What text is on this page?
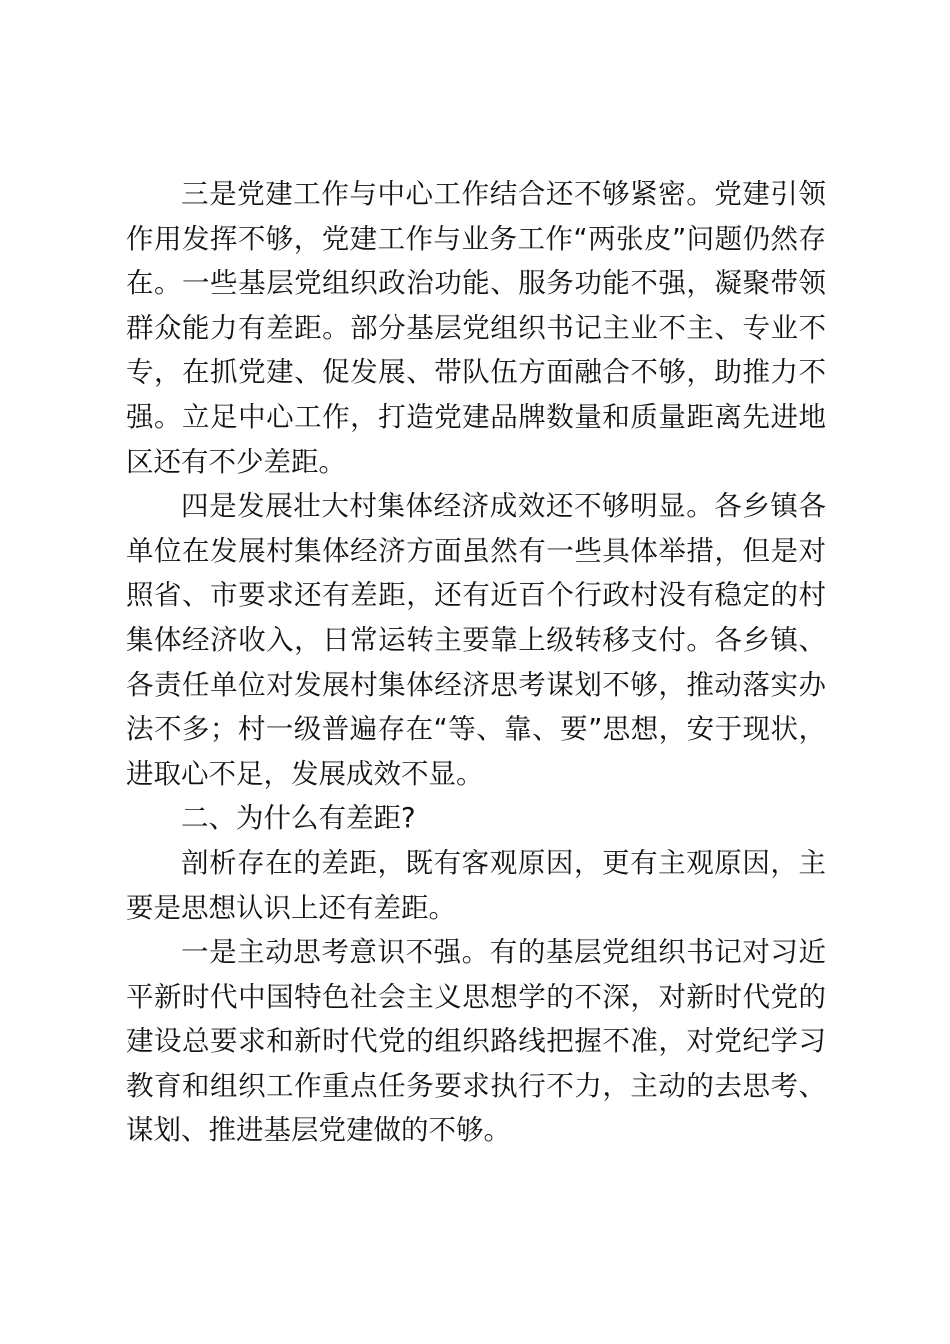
三是党建工作与中心工作结合还不够紧密。党建引领作用发挥不够，党建工作与业务工作“两张皮”问题仍然存在。一些基层党组织政治功能、服务功能不强，凝聚带领群众能力有差距。部分基层党组织书记主业不主、专业不专，在抓党建、促发展、带队伍方面融合不够，助推力不强。立足中心工作，打造党建品牌数量和质量距离先进地区还有不少差距。

四是发展壮大村集体经济成效还不够明显。各乡镇各单位在发展村集体经济方面虽然有一些具体举措，但是对照省、市要求还有差距，还有近百个行政村没有稳定的村集体经济收入，日常运转主要靠上级转移支付。各乡镇、各责任单位对发展村集体经济思考谋划不够，推动落实办法不多；村一级普遍存在“等、靠、要”思想，安于现状，进取心不足，发展成效不显。

二、为什么有差距?

剖析存在的差距，既有客观原因，更有主观原因，主要是思想认识上还有差距。

一是主动思考意识不强。有的基层党组织书记对习近平新时代中国特色社会主义思想学的不深，对新时代党的建设总要求和新时代党的组织路线把握不准，对党纪学习教育和组织工作重点任务要求执行不力，主动的去思考、谋划、推进基层党建做的不够。
